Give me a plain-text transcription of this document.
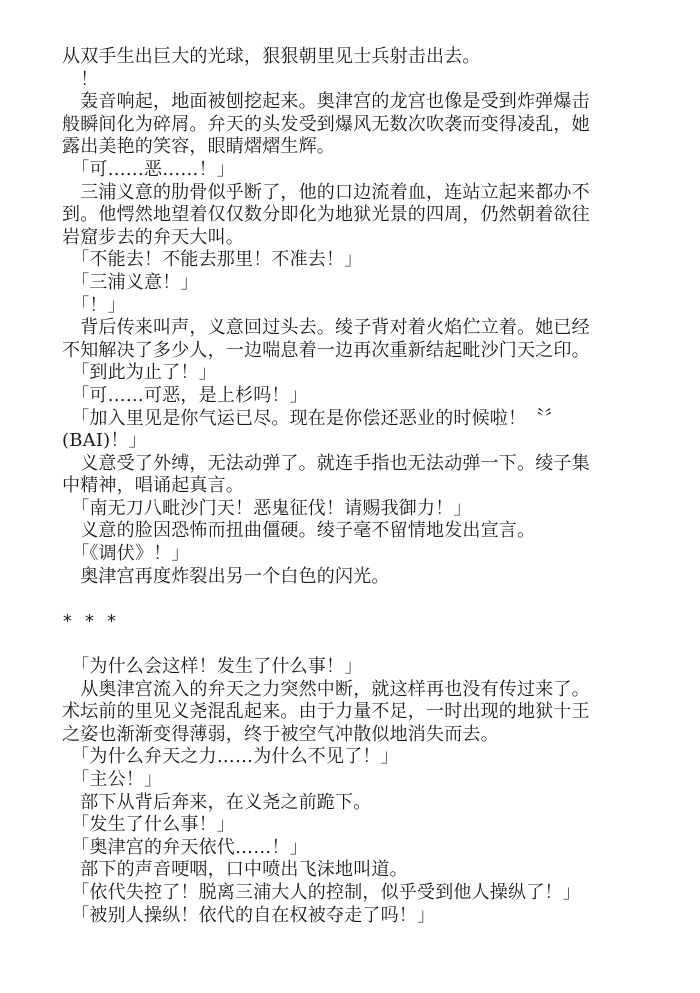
从双手生出巨大的光球，狠狠朝里见士兵射击出去。
　！
　轰音响起，地面被刨挖起来。奥津宫的龙宫也像是受到炸弹爆击
般瞬间化为碎屑。弁天的头发受到爆风无数次吹袭而变得凌乱，她
露出美艳的笑容，眼睛熠熠生辉。
　「可……恶……！」
　三浦义意的肋骨似乎断了，他的口边流着血，连站立起来都办不
到。他愕然地望着仅仅数分即化为地狱光景的四周，仍然朝着欲往
岩窟步去的弁天大叫。
　「不能去！不能去那里！不准去！」
　「三浦义意！」
　「！」
　背后传来叫声，义意回过头去。绫子背对着火焰伫立着。她已经
不知解决了多少人，一边喘息着一边再次重新结起毗沙门天之印。
　「到此为止了！」
　「可……可恶，是上杉吗！」
　「加入里见是你气运已尽。现在是你偿还恶业的时候啦！〝〞
(BAI)！」
　义意受了外缚，无法动弹了。就连手指也无法动弹一下。绫子集
中精神，唱诵起真言。
　「南无刀八毗沙门天！恶鬼征伐！请赐我御力！」
　义意的脸因恐怖而扭曲僵硬。绫子毫不留情地发出宣言。
　「《调伏》！」
　奥津宫再度炸裂出另一个白色的闪光。
* * *
　「为什么会这样！发生了什么事！」
　从奥津宫流入的弁天之力突然中断，就这样再也没有传过来了。
术坛前的里见义尧混乱起来。由于力量不足，一时出现的地狱十王
之姿也渐渐变得薄弱，终于被空气冲散似地消失而去。
　「为什么弁天之力……为什么不见了！」
　「主公！」
　部下从背后奔来，在义尧之前跪下。
　「发生了什么事！」
　「奥津宫的弁天依代……！」
　部下的声音哽咽，口中喷出飞沫地叫道。
　「依代失控了！脱离三浦大人的控制，似乎受到他人操纵了！」
　「被别人操纵！依代的自在权被夺走了吗！」
